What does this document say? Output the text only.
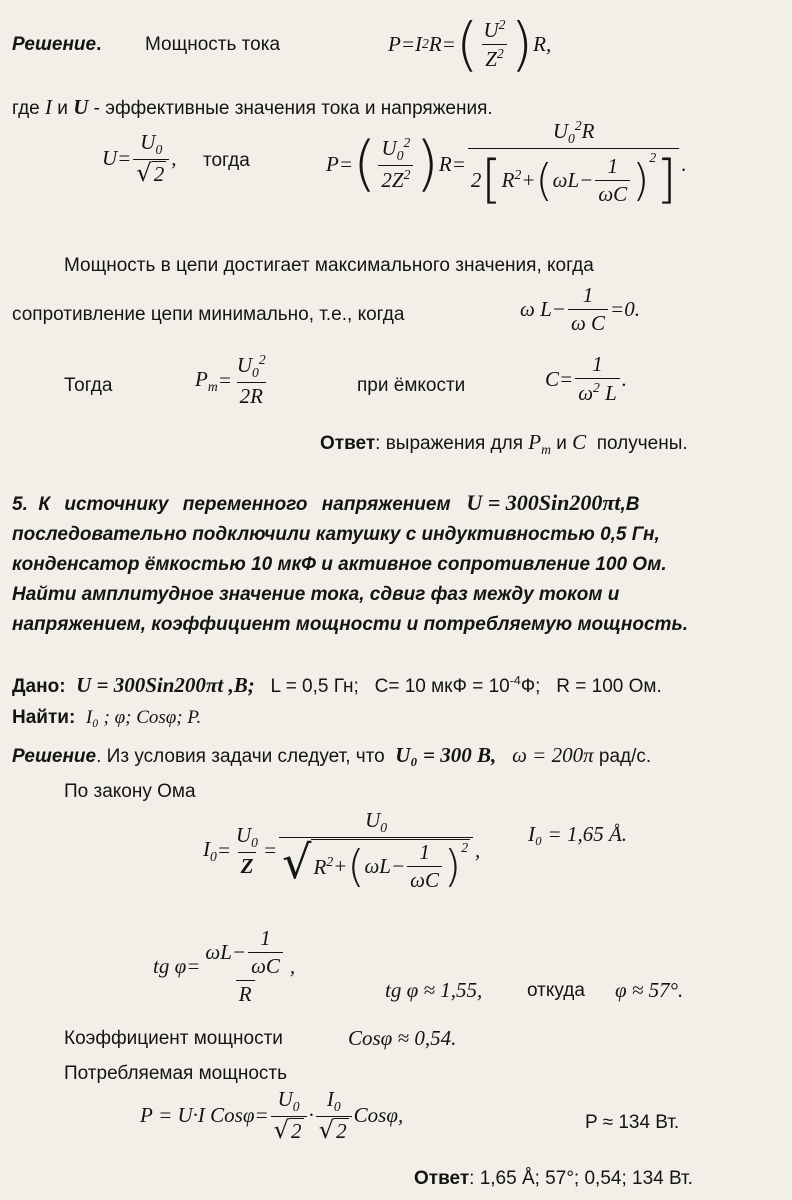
Решение. Мощность тока	P = I 2 R = ( $\frac{U^2}{Z^2}$ ) R ,
где I и U - эффективные значения тока и напряжения.
$U = \frac{U_0}{√ 2}$ , тогда	P = ( $\frac{U_0^2}{2Z^2}$ ) R =
$U_0^2R$
2 [ $R^2$ + ( $\omega L - \frac{1}{\omega C} )^2$ ] .
Мощность в цепи достигает максимального значения, когда
сопротивление цепи минимально, т.е., когда	ω $L - \frac{1}{\text{ω C}} =0$.
Тогда	$P_m = \frac{U_0^2}{2R}$	при ёмкости	$C = \frac{1}{\omega^2 L}$ .
Ответ: выражения для $P_m$ и C получены.
5. К источнику переменного напряжением U = 300Sin200πt,В
последовательно подключили катушку с индуктивностью 0,5 Гн,
конденсатор ёмкостью 10 мкФ и активное сопротивление 100 Ом.
Найти амплитудное значение тока, сдвиг фаз между током и
напряжением, коэффициент мощности и потребляемую мощность.
Дано: U = 300Sin200πt ,В; L = 0,5 Гн; C= 10 мкФ = $10^{-4}Ф$; R = 100 Ом.
Найти: I₀ ; φ; Cosφ; P.
Решение. Из условия задачи следует, что U₀ = 300 B, ω = 200π рад/с.
По закону Ома
$I_0 = \frac{U_0}{Z}$ =
$U_0$
√ $R^2$ + ( $\omega L - \frac{1}{\omega C} )^2$ ,
I₀ = 1,65 Å.
tg $\varphi = \frac{\omega L - \frac{1}{\omega C}}{R}$ ,
tg φ ≈ 1,55, откуда φ ≈ 57°.
Коэффициент мощности	Cosφ ≈ 0,54.
Потребляемая мощность
P = U · I
$Cos\varphi = \frac{U_0}{√ 2} \cdot \frac{I_0}{√ 2}$ Cosφ ,	P ≈ 134 Вт.
Ответ: 1,65 Å; 57°; 0,54; 134 Вт.
